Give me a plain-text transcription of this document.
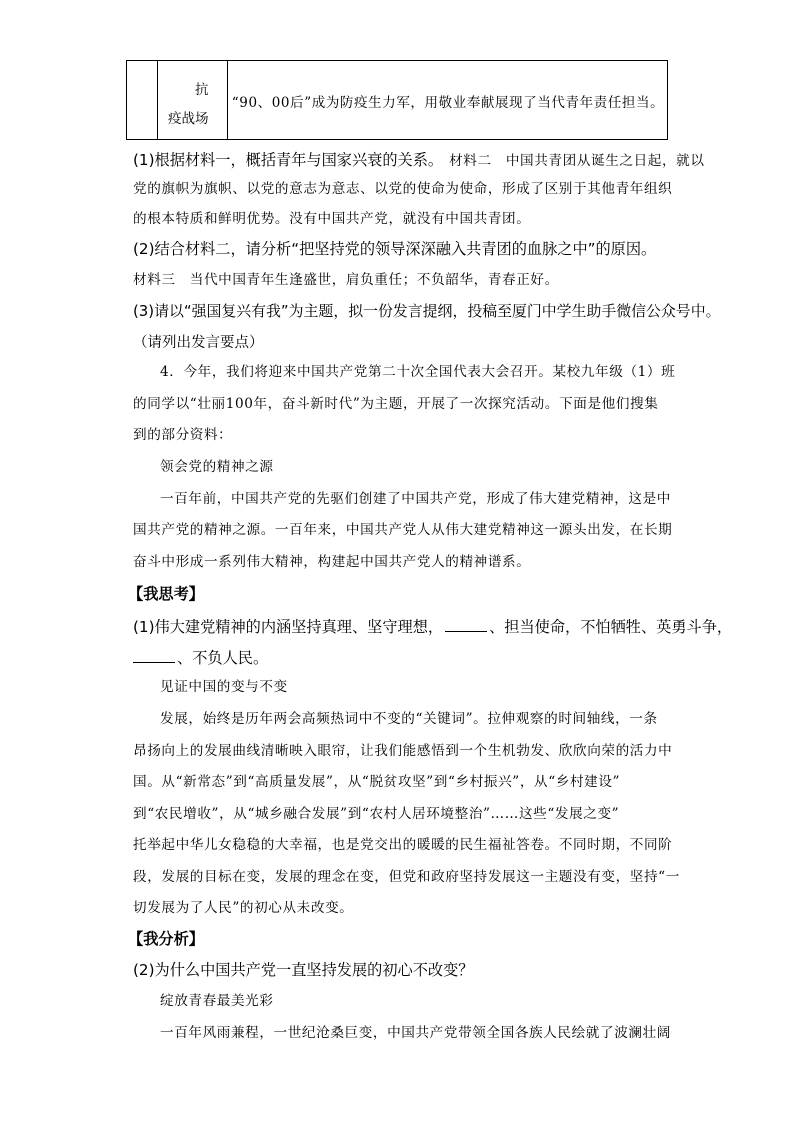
抗
疫战场
“90、00后”成为防疫生力军，用敬业奉献展现了当代青年责任担当。
(1)根据材料一，概括青年与国家兴衰的关系。 材料二　中国共青团从诞生之日起，就以
党的旗帜为旗帜、以党的意志为意志、以党的使命为使命，形成了区别于其他青年组织
的根本特质和鲜明优势。没有中国共产党，就没有中国共青团。
(2)结合材料二，请分析“把坚持党的领导深深融入共青团的血脉之中”的原因。
材料三　当代中国青年生逢盛世，肩负重任；不负韶华，青春正好。
(3)请以“强国复兴有我”为主题，拟一份发言提纲，投稿至厦门中学生助手微信公众号中。
（请列出发言要点）
4．今年，我们将迎来中国共产党第二十次全国代表大会召开。某校九年级（1）班
的同学以“壮丽100年，奋斗新时代”为主题，开展了一次探究活动。下面是他们搜集
到的部分资料：
领会党的精神之源
一百年前，中国共产党的先驱们创建了中国共产党，形成了伟大建党精神，这是中
国共产党的精神之源。一百年来，中国共产党人从伟大建党精神这一源头出发，在长期
奋斗中形成一系列伟大精神，构建起中国共产党人的精神谱系。
【我思考】
(1)伟大建党精神的内涵坚持真理、坚守理想，	、担当使命，不怕牺牲、英勇斗争，
、不负人民。
见证中国的变与不变
发展，始终是历年两会高频热词中不变的“关键词”。拉伸观察的时间轴线，一条
昂扬向上的发展曲线清晰映入眼帘，让我们能感悟到一个生机勃发、欣欣向荣的活力中
国。从“新常态”到“高质量发展”，从“脱贫攻坚”到“乡村振兴”，从“乡村建设”
到“农民增收”，从“城乡融合发展”到“农村人居环境整治”……这些“发展之变”
托举起中华儿女稳稳的大幸福，也是党交出的暖暖的民生福祉答卷。不同时期，不同阶
段，发展的目标在变，发展的理念在变，但党和政府坚持发展这一主题没有变，坚持“一
切发展为了人民”的初心从未改变。
【我分析】
(2)为什么中国共产党一直坚持发展的初心不改变？
绽放青春最美光彩
一百年风雨兼程，一世纪沧桑巨变，中国共产党带领全国各族人民绘就了波澜壮阔
